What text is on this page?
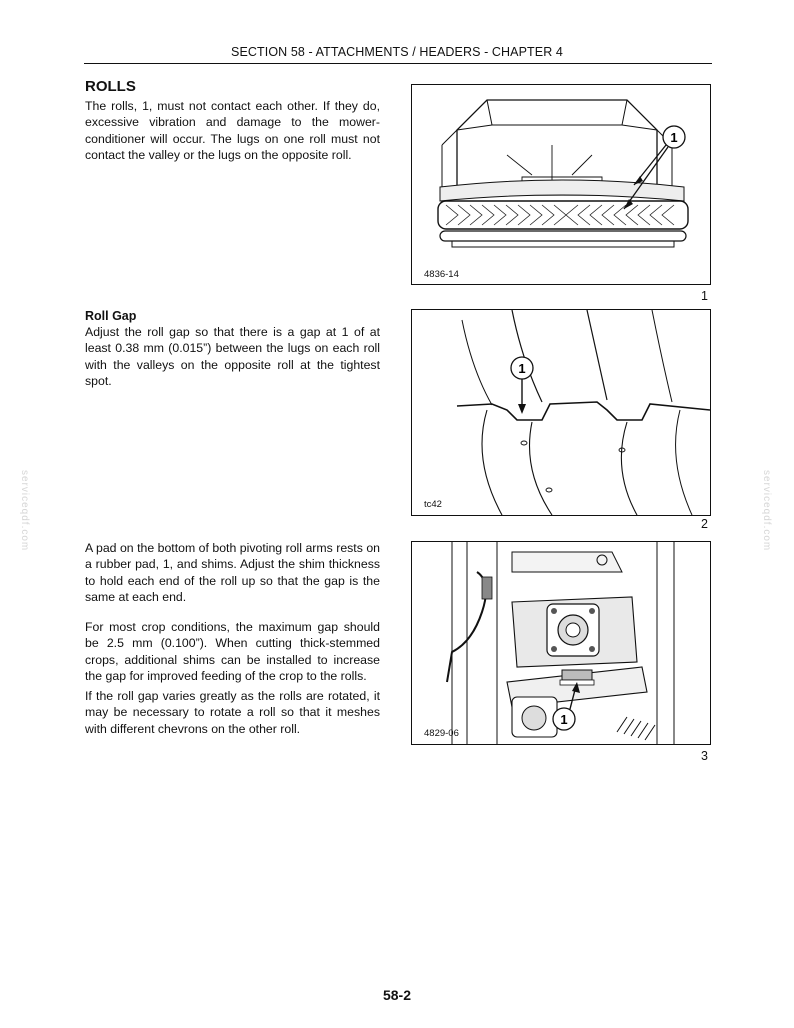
SECTION 58 - ATTACHMENTS / HEADERS - CHAPTER 4
serviceqdf.com	serviceqdf.com
ROLLS
The rolls, 1, must not contact each other. If they do, excessive vibration and damage to the mower-conditioner will occur. The lugs on one roll must not contact the valley or the lugs on the opposite roll.
1
4836-14
1
Roll Gap
Adjust the roll gap so that there is a gap at 1 of at least 0.38 mm (0.015”) between the lugs on each roll with the valleys on the opposite roll at the tightest spot.
1
tc42
2
A pad on the bottom of both pivoting roll arms rests on a rubber pad, 1, and shims. Adjust the shim thickness to hold each end of the roll up so that the gap is the same at each end.
For most crop conditions, the maximum gap should be 2.5 mm (0.100”). When cutting thick-stemmed crops, additional shims can be installed to increase the gap for improved feeding of the crop to the rolls.
If the roll gap varies greatly as the rolls are rotated, it may be necessary to rotate a roll so that it meshes with different chevrons on the other roll.
1
4829-06
3
58-2
